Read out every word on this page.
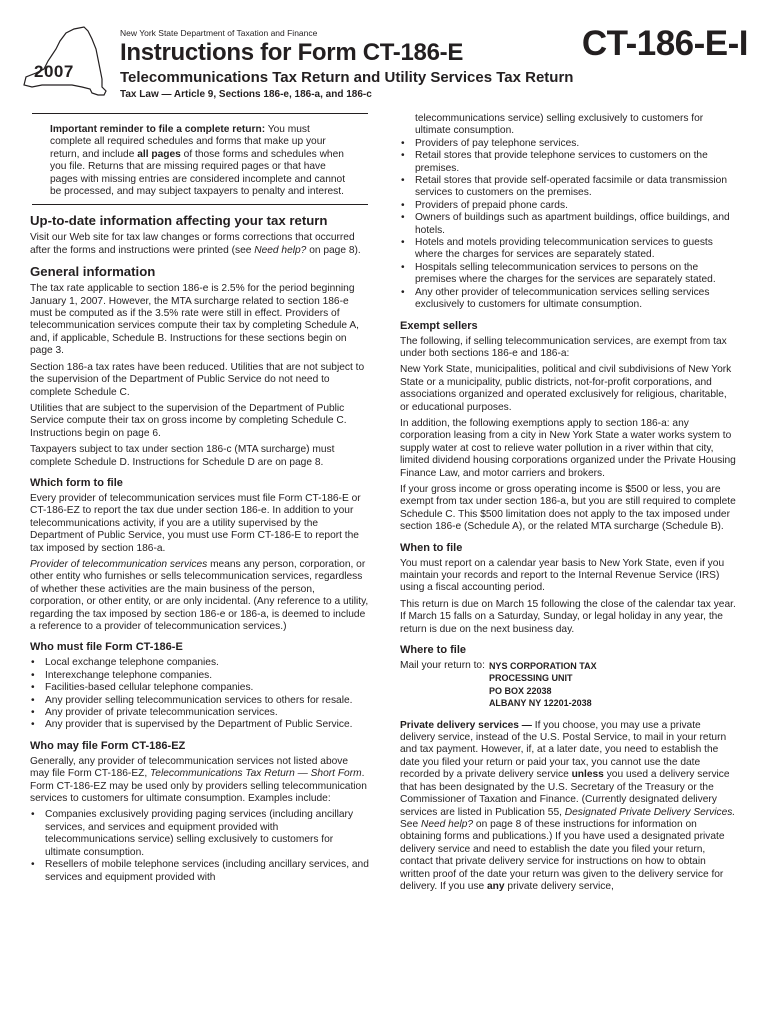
2007
New York State Department of Taxation and Finance
Instructions for Form CT-186-E	CT-186-E-I
Telecommunications Tax Return and Utility Services Tax Return
Tax Law — Article 9, Sections 186-e, 186-a, and 186-c

Important reminder to file a complete return: You must complete all required schedules and forms that make up your return, and include all pages of those forms and schedules when you file. Returns that are missing required pages or that have pages with missing entries are considered incomplete and cannot be processed, and may subject taxpayers to penalty and interest.

Up-to-date information affecting your tax return

Visit our Web site for tax law changes or forms corrections that occurred after the forms and instructions were printed (see Need help? on page 8).

General information

The tax rate applicable to section 186-e is 2.5% for the period beginning January 1, 2007. However, the MTA surcharge related to section 186-e must be computed as if the 3.5% rate were still in effect. Providers of telecommunication services compute their tax by completing Schedule A, and, if applicable, Schedule B. Instructions for these sections begin on page 3.

Section 186-a tax rates have been reduced. Utilities that are not subject to the supervision of the Department of Public Service do not need to complete Schedule C.

Utilities that are subject to the supervision of the Department of Public Service compute their tax on gross income by completing Schedule C. Instructions begin on page 6.

Taxpayers subject to tax under section 186-c (MTA surcharge) must complete Schedule D. Instructions for Schedule D are on page 8.

Which form to file

Every provider of telecommunication services must file Form CT-186-E or CT-186-EZ to report the tax due under section 186-e. In addition to your telecommunications activity, if you are a utility supervised by the Department of Public Service, you must use Form CT-186-E to report the tax imposed by section 186-a.

Provider of telecommunication services means any person, corporation, or other entity who furnishes or sells telecommunication services, regardless of whether these activities are the main business of the person, corporation, or other entity, or are only incidental. (Any reference to a utility, regarding the tax imposed by section 186-e or 186-a, is deemed to include a reference to a provider of telecommunication services.)

Who must file Form CT-186-E
• Local exchange telephone companies.
• Interexchange telephone companies.
• Facilities-based cellular telephone companies.
• Any provider selling telecommunication services to others for resale.
• Any provider of private telecommunication services.
• Any provider that is supervised by the Department of Public Service.
Who may file Form CT-186-EZ

Generally, any provider of telecommunication services not listed above may file Form CT-186-EZ, Telecommunications Tax Return — Short Form. Form CT-186-EZ may be used only by providers selling telecommunication services to customers for ultimate consumption. Examples include:

• Companies exclusively providing paging services (including ancillary services, and services and equipment provided with telecommunications service) selling exclusively to customers for ultimate consumption.
• Resellers of mobile telephone services (including ancillary services, and services and equipment provided with
telecommunications service) selling exclusively to customers for ultimate consumption.
• Providers of pay telephone services.
• Retail stores that provide telephone services to customers on the premises.
• Retail stores that provide self-operated facsimile or data transmission services to customers on the premises.
• Providers of prepaid phone cards.
• Owners of buildings such as apartment buildings, office buildings, and hotels.
• Hotels and motels providing telecommunication services to guests where the charges for services are separately stated.
• Hospitals selling telecommunication services to persons on the premises where the charges for the services are separately stated.
• Any other provider of telecommunication services selling services exclusively to customers for ultimate consumption.
Exempt sellers

The following, if selling telecommunication services, are exempt from tax under both sections 186-e and 186-a:

New York State, municipalities, political and civil subdivisions of New York State or a municipality, public districts, not-for-profit corporations, and associations organized and operated exclusively for religious, charitable, or educational purposes.

In addition, the following exemptions apply to section 186-a: any corporation leasing from a city in New York State a water works system to supply water at cost to relieve water pollution in a river within that city, limited dividend housing corporations organized under the Private Housing Finance Law, and motor carriers and brokers.

If your gross income or gross operating income is $500 or less, you are exempt from tax under section 186-a, but you are still required to complete Schedule C. This $500 limitation does not apply to the tax imposed under section 186-e (Schedule A), or the related MTA surcharge (Schedule B).

When to file

You must report on a calendar year basis to New York State, even if you maintain your records and report to the Internal Revenue Service (IRS) using a fiscal accounting period.

This return is due on March 15 following the close of the calendar tax year. If March 15 falls on a Saturday, Sunday, or legal holiday in any year, the return is due on the next business day.

Where to file
Mail your return to: NYS CORPORATION TAX
PROCESSING UNIT
PO BOX 22038
ALBANY NY 12201-2038

Private delivery services — If you choose, you may use a private delivery service, instead of the U.S. Postal Service, to mail in your return and tax payment. However, if, at a later date, you need to establish the date you filed your return or paid your tax, you cannot use the date recorded by a private delivery service unless you used a delivery service that has been designated by the U.S. Secretary of the Treasury or the Commissioner of Taxation and Finance. (Currently designated delivery services are listed in Publication 55, Designated Private Delivery Services. See Need help? on page 8 of these instructions for information on obtaining forms and publications.) If you have used a designated private delivery service and need to establish the date you filed your return, contact that private delivery service for instructions on how to obtain written proof of the date your return was given to the delivery service for delivery. If you use any private delivery service,
